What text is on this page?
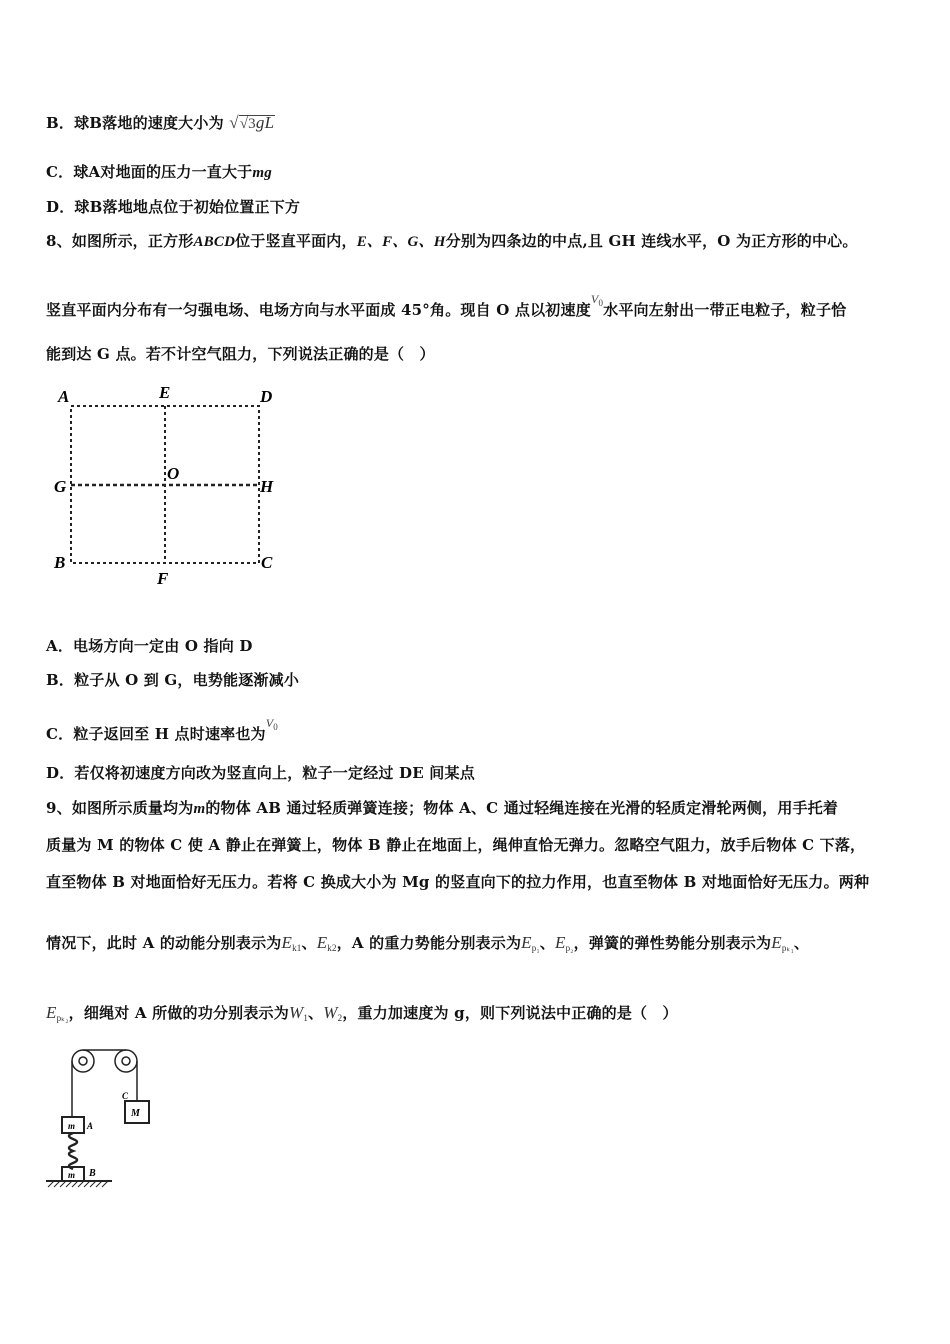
B．球B落地的速度大小为 √√3gL
C．球A对地面的压力一直大于mg
D．球B落地地点位于初始位置正下方
8、如图所示，正方形ABCD位于竖直平面内，E、F、G、H分别为四条边的中点,且 GH 连线水平，O 为正方形的中心。
竖直平面内分布有一匀强电场、电场方向与水平面成 45°角。现自 O 点以初速度$^{V_0}$水平向左射出一带正电粒子，粒子恰
能到达 G 点。若不计空气阻力，下列说法正确的是（　）
A	E	D
G
O
H
B
F
C
A．电场方向一定由 O 指向 D
B．粒子从 O 到 G，电势能逐渐减小
C．粒子返回至 H 点时速率也为$^{V_0}$
D．若仅将初速度方向改为竖直向上，粒子一定经过 DE 间某点
9、如图所示质量均为m的物体 AB 通过轻质弹簧连接；物体 A、C 通过轻绳连接在光滑的轻质定滑轮两侧，用手托着
质量为 M 的物体 C 使 A 静止在弹簧上，物体 B 静止在地面上，绳伸直恰无弹力。忽略空气阻力，放手后物体 C 下落，
直至物体 B 对地面恰好无压力。若将 C 换成大小为 Mg 的竖直向下的拉力作用，也直至物体 B 对地面恰好无压力。两种
情况下，此时 A 的动能分别表示为$E_{k1}$、$E_{k2}$，A 的重力势能分别表示为$E_{p_1}$、$E_{p_2}$，弹簧的弹性势能分别表示为$E_{p_{k1}}$、
$E_{p_{k2}}$，细绳对 A 所做的功分别表示为$W_1$、$W_2$，重力加速度为 g，则下列说法中正确的是（　）
C
M
m A
m B
